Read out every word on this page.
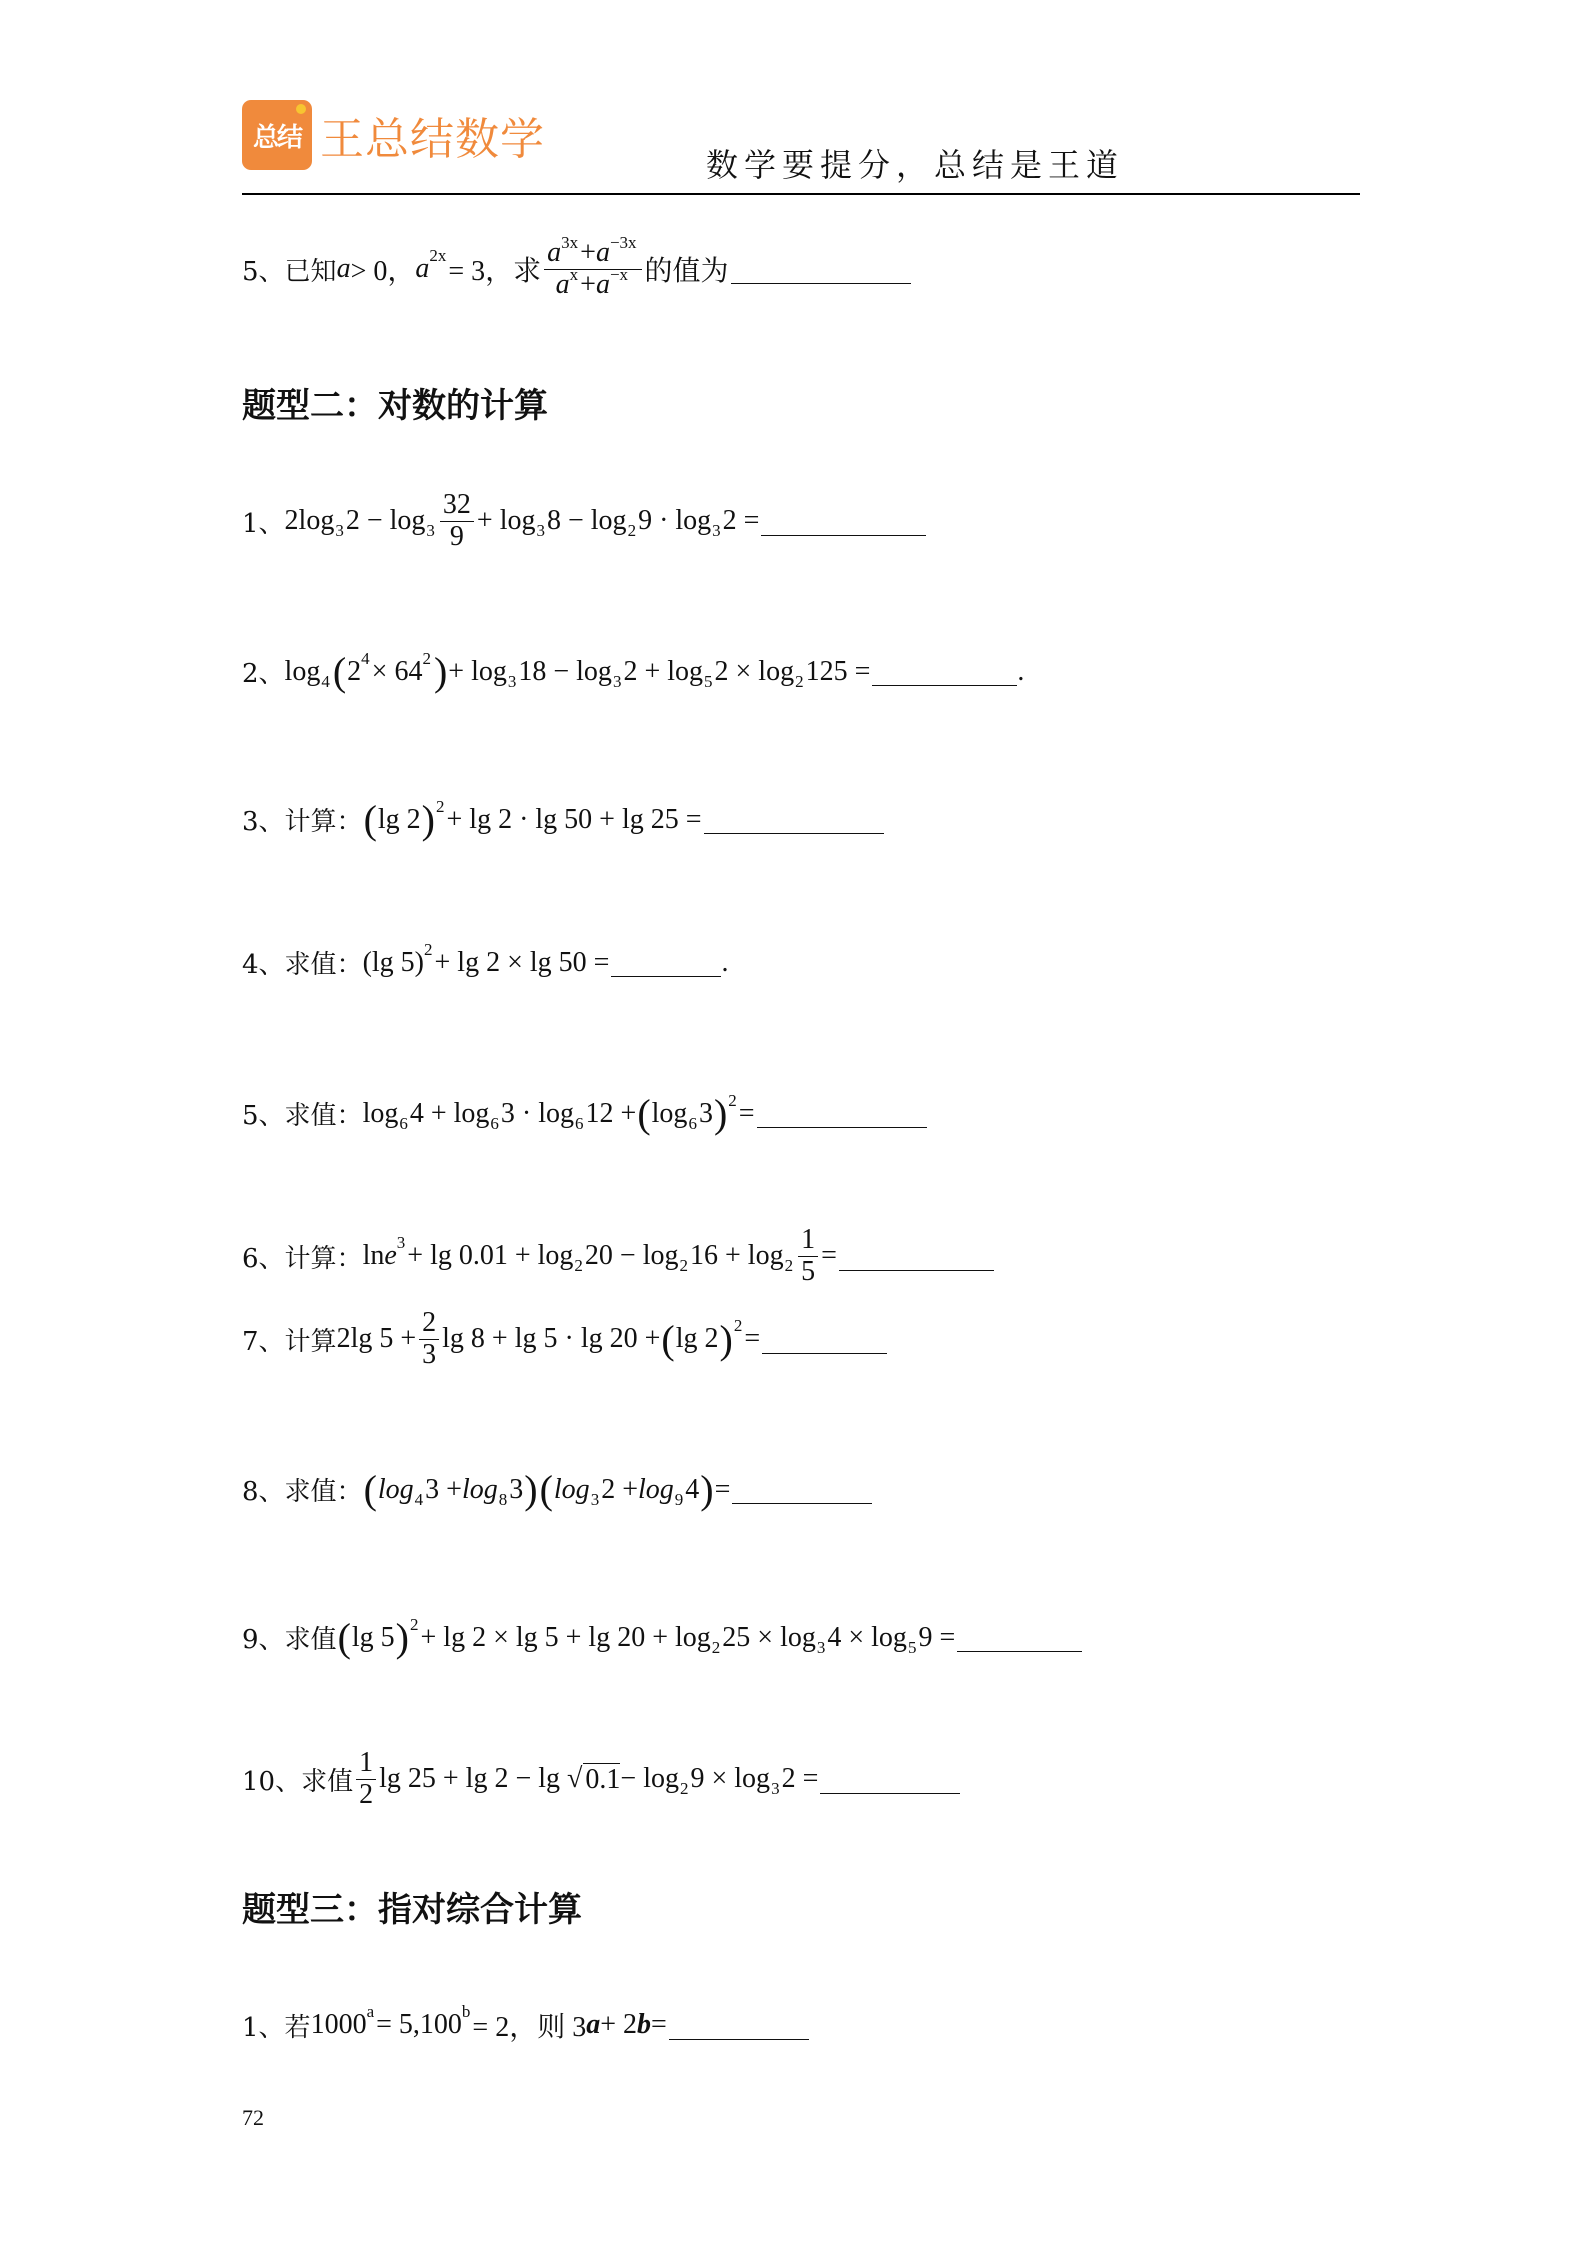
总结 王总结数学	数学要提分，总结是王道
5、 已知 a > 0， a 2x
= 3，求 $\frac{a^{3x}+a^{-3x}}{a^x+a^{-x}}$ 的值为
题型二：对数的计算
1、 2log 3 $2 - \log 3 \frac{32}{9} + \log 3$ 8 − log 2 9 · log 3 2 =
2、 log 4 ( 2 4 × 64 2 ) + log 3 18 − log 3 2 + log 5 2 × log 2 125 =	.
3、 计算： ( lg 2 ) 2 + lg 2 · lg 50 + lg 25 =
4、 求值： (lg 5) 2 + lg 2 × lg 50 =	.
5、 求值： log 6 4 + log 6 3 · log 6 12 + ( log 6 3 ) 2 =
6、 计算： ln e 3 + lg 0.01 + log 2 20 − log 2 $16 + \log 2 \frac{1}{5}$ =
7、 计算 2lg $5 + \frac{2}{3}$ lg 8 + lg 5 · lg 20 + ( lg 2 ) 2 =
8、 求值： ( log 4 3 + log 8 3 ) ( log 3 2 + log 9 4 ) =
9、 求值 ( lg 5 ) 2 + lg 2 × lg 5 + lg 20 + log 2 25 × log 3 4 × log 5 9 =
10、 求值 $\frac{1}{2}$ lg 25 + lg 2 − lg √ 0.1 − log 2 9 × log 3 2 =
题型三：指对综合计算
1、 若 1000 a = 5,100 b
= 2，则 3 a + 2 b =
72
